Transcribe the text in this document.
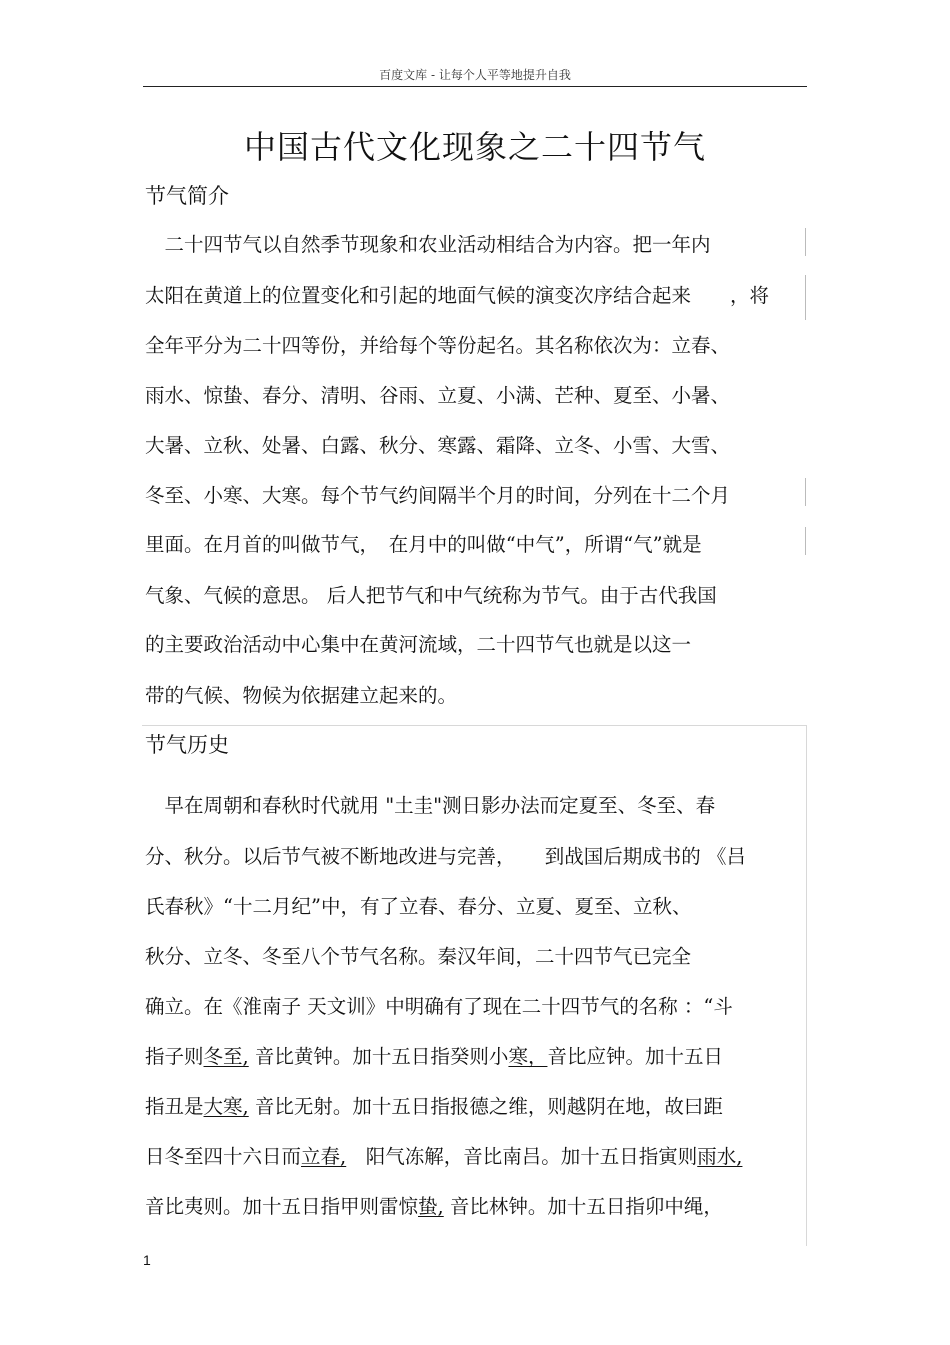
百度文库 - 让每个人平等地提升自我
中国古代文化现象之二十四节气
节气简介
　二十四节气以自然季节现象和农业活动相结合为内容。把一年内
太阳在黄道上的位置变化和引起的地面气候的演变次序结合起来　　，将
全年平分为二十四等份，并给每个等份起名。其名称依次为：立春、
雨水、惊蛰、春分、清明、谷雨、立夏、小满、芒种、夏至、小暑、
大暑、立秋、处暑、白露、秋分、寒露、霜降、立冬、小雪、大雪、
冬至、小寒、大寒。每个节气约间隔半个月的时间，分列在十二个月
里面。在月首的叫做节气，　在月中的叫做“中气”，所谓“气”就是
气象、气候的意思。 后人把节气和中气统称为节气。由于古代我国
的主要政治活动中心集中在黄河流域，二十四节气也就是以这一
带的气候、物候为依据建立起来的。
节气历史
　早在周朝和春秋时代就用 "土圭"测日影办法而定夏至、冬至、春
分、秋分。以后节气被不断地改进与完善，　　到战国后期成书的 《吕
氏春秋》“十二月纪”中，有了立春、春分、立夏、夏至、立秋、
秋分、立冬、冬至八个节气名称。秦汉年间，二十四节气已完全
确立。在《淮南子 天文训》中明确有了现在二十四节气的名称 ：“斗
指子则冬至, 音比黄钟。加十五日指癸则小寒，音比应钟。加十五日
指丑是大寒, 音比无射。加十五日指报德之维，则越阴在地，故曰距
日冬至四十六日而立春,　阳气冻解，音比南吕。加十五日指寅则雨水,
音比夷则。加十五日指甲则雷惊蛰, 音比林钟。加十五日指卯中绳，
1
